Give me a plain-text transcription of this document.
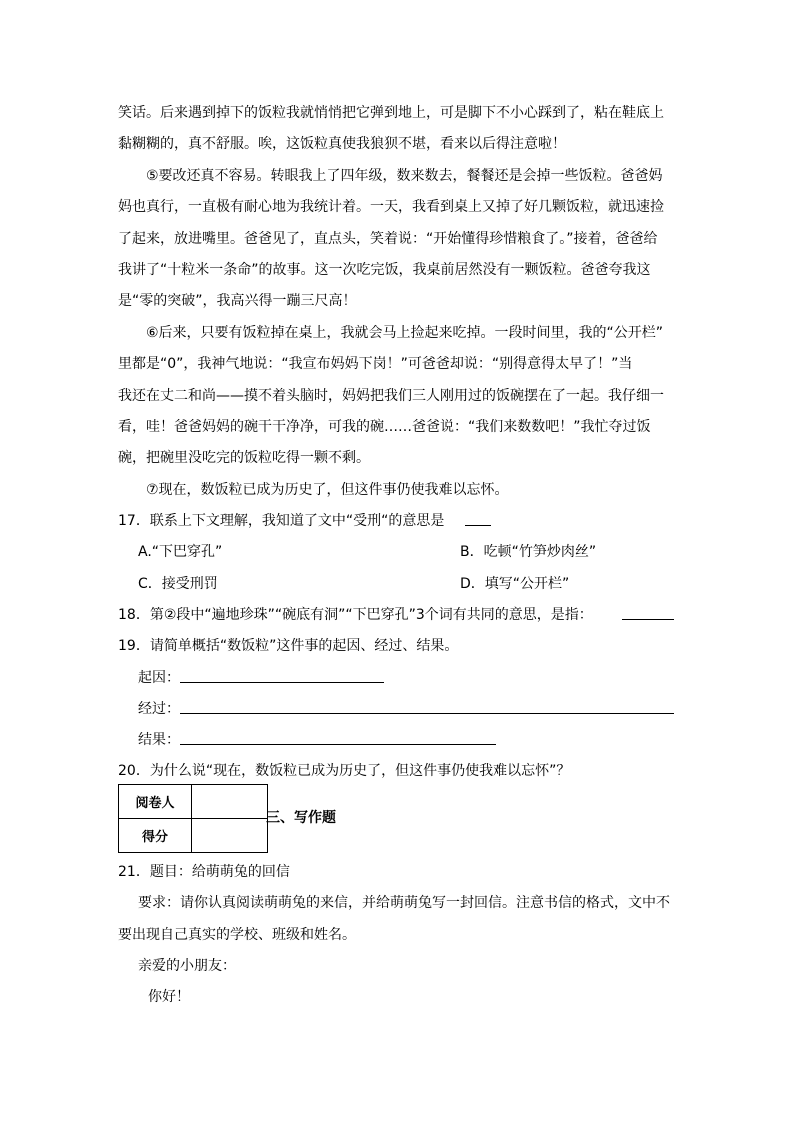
笑话。后来遇到掉下的饭粒我就悄悄把它弹到地上，可是脚下不小心踩到了，粘在鞋底上
黏糊糊的，真不舒服。唉，这饭粒真使我狼狈不堪，看来以后得注意啦！
⑤要改还真不容易。转眼我上了四年级，数来数去，餐餐还是会掉一些饭粒。爸爸妈
妈也真行，一直极有耐心地为我统计着。一天，我看到桌上又掉了好几颗饭粒，就迅速捡
了起来，放进嘴里。爸爸见了，直点头，笑着说：“开始懂得珍惜粮食了。”接着，爸爸给
我讲了“十粒米一条命”的故事。这一次吃完饭，我桌前居然没有一颗饭粒。爸爸夸我这
是“零的突破”，我高兴得一蹦三尺高！
⑥后来，只要有饭粒掉在桌上，我就会马上捡起来吃掉。一段时间里，我的“公开栏”
里都是“0”，我神气地说：“我宣布妈妈下岗！”可爸爸却说：“别得意得太早了！”当
我还在丈二和尚——摸不着头脑时，妈妈把我们三人刚用过的饭碗摆在了一起。我仔细一
看，哇！爸爸妈妈的碗干干净净，可我的碗……爸爸说：“我们来数数吧！”我忙夺过饭
碗，把碗里没吃完的饭粒吃得一颗不剩。
⑦现在，数饭粒已成为历史了，但这件事仍使我难以忘怀。
17．联系上下文理解，我知道了文中“受刑“的意思是
A.“下巴穿孔”	B．吃顿“竹笋炒肉丝”
C．接受刑罚	D．填写“公开栏”
18．第②段中“遍地珍珠”“碗底有洞”“下巴穿孔”3个词有共同的意思，是指：
19．请简单概括“数饭粒”这件事的起因、经过、结果。
起因：
经过：
结果：
20．为什么说“现在，数饭粒已成为历史了，但这件事仍使我难以忘怀”？
阅卷人	
得分	
三、写作题
21．题目：给萌萌兔的回信
要求：请你认真阅读萌萌兔的来信，并给萌萌兔写一封回信。注意书信的格式，文中不
要出现自己真实的学校、班级和姓名。
亲爱的小朋友：
你好！
